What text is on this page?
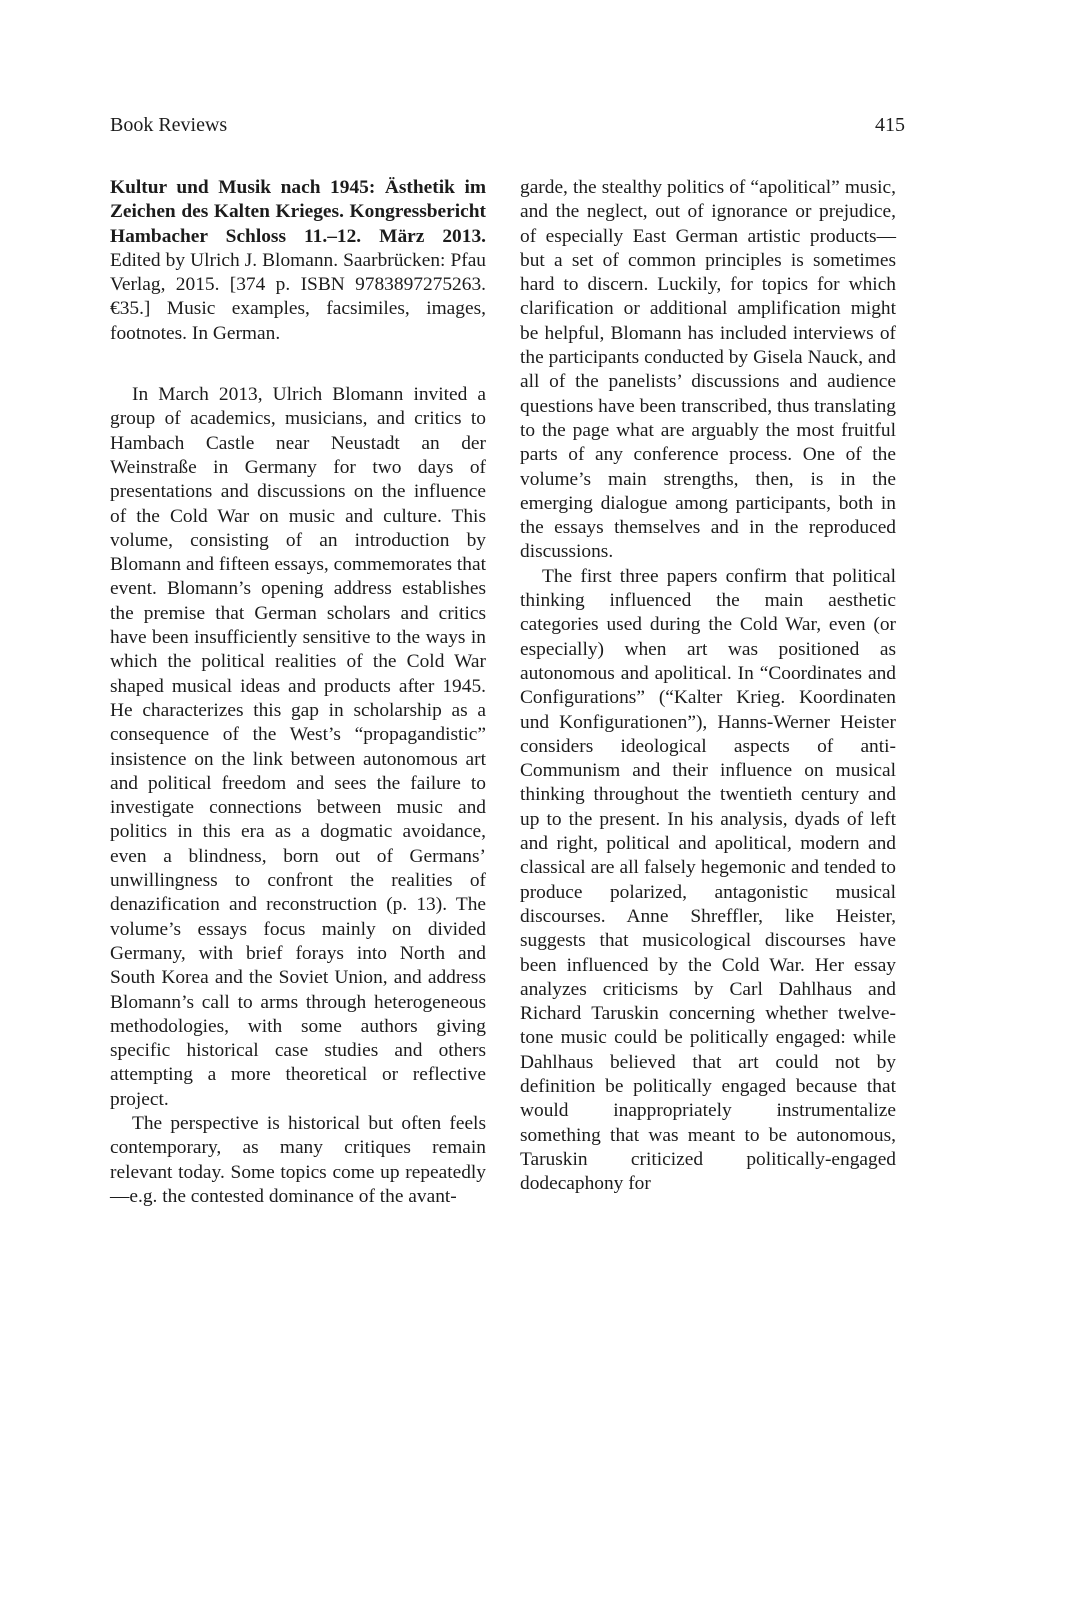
Book Reviews	415

Kultur und Musik nach 1945: Ästhetik im Zeichen des Kalten Krieges. Kongressbericht Hambacher Schloss 11.–12. März 2013. Edited by Ulrich J. Blomann. Saarbrücken: Pfau Verlag, 2015. [374 p. ISBN 9783897275263. €35.] Music examples, facsimiles, images, footnotes. In German.

In March 2013, Ulrich Blomann invited a group of academics, musicians, and critics to Hambach Castle near Neustadt an der Weinstraße in Germany for two days of presentations and discussions on the influence of the Cold War on music and culture. This volume, consisting of an introduction by Blomann and fifteen essays, commemorates that event. Blomann’s opening address establishes the premise that German scholars and critics have been insufficiently sensitive to the ways in which the political realities of the Cold War shaped musical ideas and products after 1945. He characterizes this gap in scholarship as a consequence of the West’s “propagandistic” insistence on the link between autonomous art and political freedom and sees the failure to investigate connections between music and politics in this era as a dogmatic avoidance, even a blindness, born out of Germans’ unwillingness to confront the realities of denazification and reconstruction (p. 13). The volume’s essays focus mainly on divided Germany, with brief forays into North and South Korea and the Soviet Union, and address Blomann’s call to arms through heterogeneous methodologies, with some authors giving specific historical case studies and others attempting a more theoretical or reflective project.

The perspective is historical but often feels contemporary, as many critiques remain relevant today. Some topics come up repeatedly—e.g. the contested dominance of the avant-

garde, the stealthy politics of “apolitical” music, and the neglect, out of ignorance or prejudice, of especially East German artistic products—but a set of common principles is sometimes hard to discern. Luckily, for topics for which clarification or additional amplification might be helpful, Blomann has included interviews of the participants conducted by Gisela Nauck, and all of the panelists’ discussions and audience questions have been transcribed, thus translating to the page what are arguably the most fruitful parts of any conference process. One of the volume’s main strengths, then, is in the emerging dialogue among participants, both in the essays themselves and in the reproduced discussions.

The first three papers confirm that political thinking influenced the main aesthetic categories used during the Cold War, even (or especially) when art was positioned as autonomous and apolitical. In “Coordinates and Configurations” (“Kalter Krieg. Koordinaten und Konfigurationen”), Hanns-Werner Heister considers ideological aspects of anti-Communism and their influence on musical thinking throughout the twentieth century and up to the present. In his analysis, dyads of left and right, political and apolitical, modern and classical are all falsely hegemonic and tended to produce polarized, antagonistic musical discourses. Anne Shreffler, like Heister, suggests that musicological discourses have been influenced by the Cold War. Her essay analyzes criticisms by Carl Dahlhaus and Richard Taruskin concerning whether twelve-tone music could be politically engaged: while Dahlhaus believed that art could not by definition be politically engaged because that would inappropriately instrumentalize something that was meant to be autonomous, Taruskin criticized politically-engaged dodecaphony for
